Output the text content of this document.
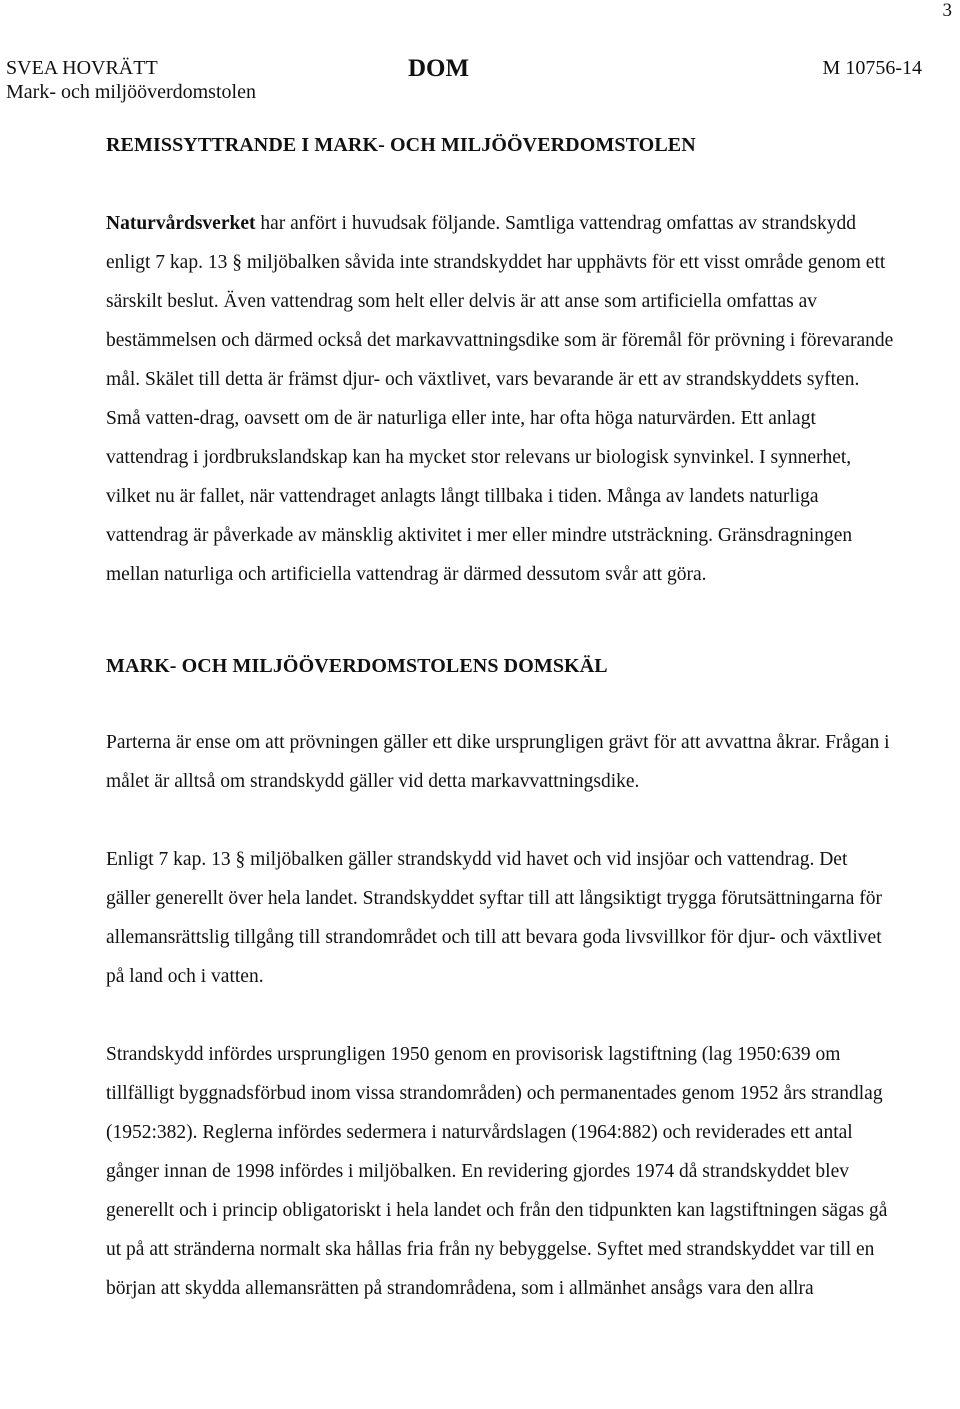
3
SVEA HOVRÄTT
Mark- och miljööverdomstolen
DOM	M 10756-14
REMISSYTTRANDE I MARK- OCH MILJÖÖVERDOMSTOLEN

Naturvårdsverket har anfört i huvudsak följande. Samtliga vattendrag omfattas av strandskydd enligt 7 kap. 13 § miljöbalken såvida inte strandskyddet har upphävts för ett visst område genom ett särskilt beslut. Även vattendrag som helt eller delvis är att anse som artificiella omfattas av bestämmelsen och därmed också det markavvattningsdike som är föremål för prövning i förevarande mål. Skälet till detta är främst djur- och växtlivet, vars bevarande är ett av strandskyddets syften. Små vatten-drag, oavsett om de är naturliga eller inte, har ofta höga naturvärden. Ett anlagt vattendrag i jordbrukslandskap kan ha mycket stor relevans ur biologisk synvinkel. I synnerhet, vilket nu är fallet, när vattendraget anlagts långt tillbaka i tiden. Många av landets naturliga vattendrag är påverkade av mänsklig aktivitet i mer eller mindre utsträckning. Gränsdragningen mellan naturliga och artificiella vattendrag är därmed dessutom svår att göra.

MARK- OCH MILJÖÖVERDOMSTOLENS DOMSKÄL

Parterna är ense om att prövningen gäller ett dike ursprungligen grävt för att avvattna åkrar. Frågan i målet är alltså om strandskydd gäller vid detta markavvattningsdike.

Enligt 7 kap. 13 § miljöbalken gäller strandskydd vid havet och vid insjöar och vattendrag. Det gäller generellt över hela landet. Strandskyddet syftar till att långsiktigt trygga förutsättningarna för allemansrättslig tillgång till strandområdet och till att bevara goda livsvillkor för djur- och växtlivet på land och i vatten.

Strandskydd infördes ursprungligen 1950 genom en provisorisk lagstiftning (lag 1950:639 om tillfälligt byggnadsförbud inom vissa strandområden) och permanentades genom 1952 års strandlag (1952:382). Reglerna infördes sedermera i naturvårdslagen (1964:882) och reviderades ett antal gånger innan de 1998 infördes i miljöbalken. En revidering gjordes 1974 då strandskyddet blev generellt och i princip obligatoriskt i hela landet och från den tidpunkten kan lagstiftningen sägas gå ut på att stränderna normalt ska hållas fria från ny bebyggelse. Syftet med strandskyddet var till en början att skydda allemansrätten på strandområdena, som i allmänhet ansågs vara den allra
